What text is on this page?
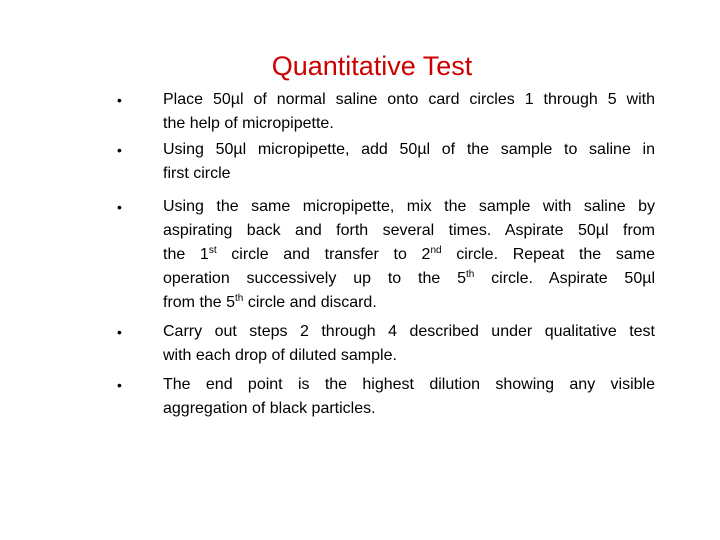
Quantitative Test
•	Place 50µl of normal saline onto card circles 1 through 5 with
the help of micropipette.
•	Using 50µl micropipette, add 50µl of the sample to saline in
first circle
•	Using the same micropipette, mix the sample with saline by
aspirating back and forth several times. Aspirate 50µl from
the 1st circle and transfer to 2nd circle. Repeat the same
operation successively up to the 5th circle. Aspirate 50µl
from the 5th circle and discard.
•	Carry out steps 2 through 4 described under qualitative test
with each drop of diluted sample.
•	The end point is the highest dilution showing any visible
aggregation of black particles.
